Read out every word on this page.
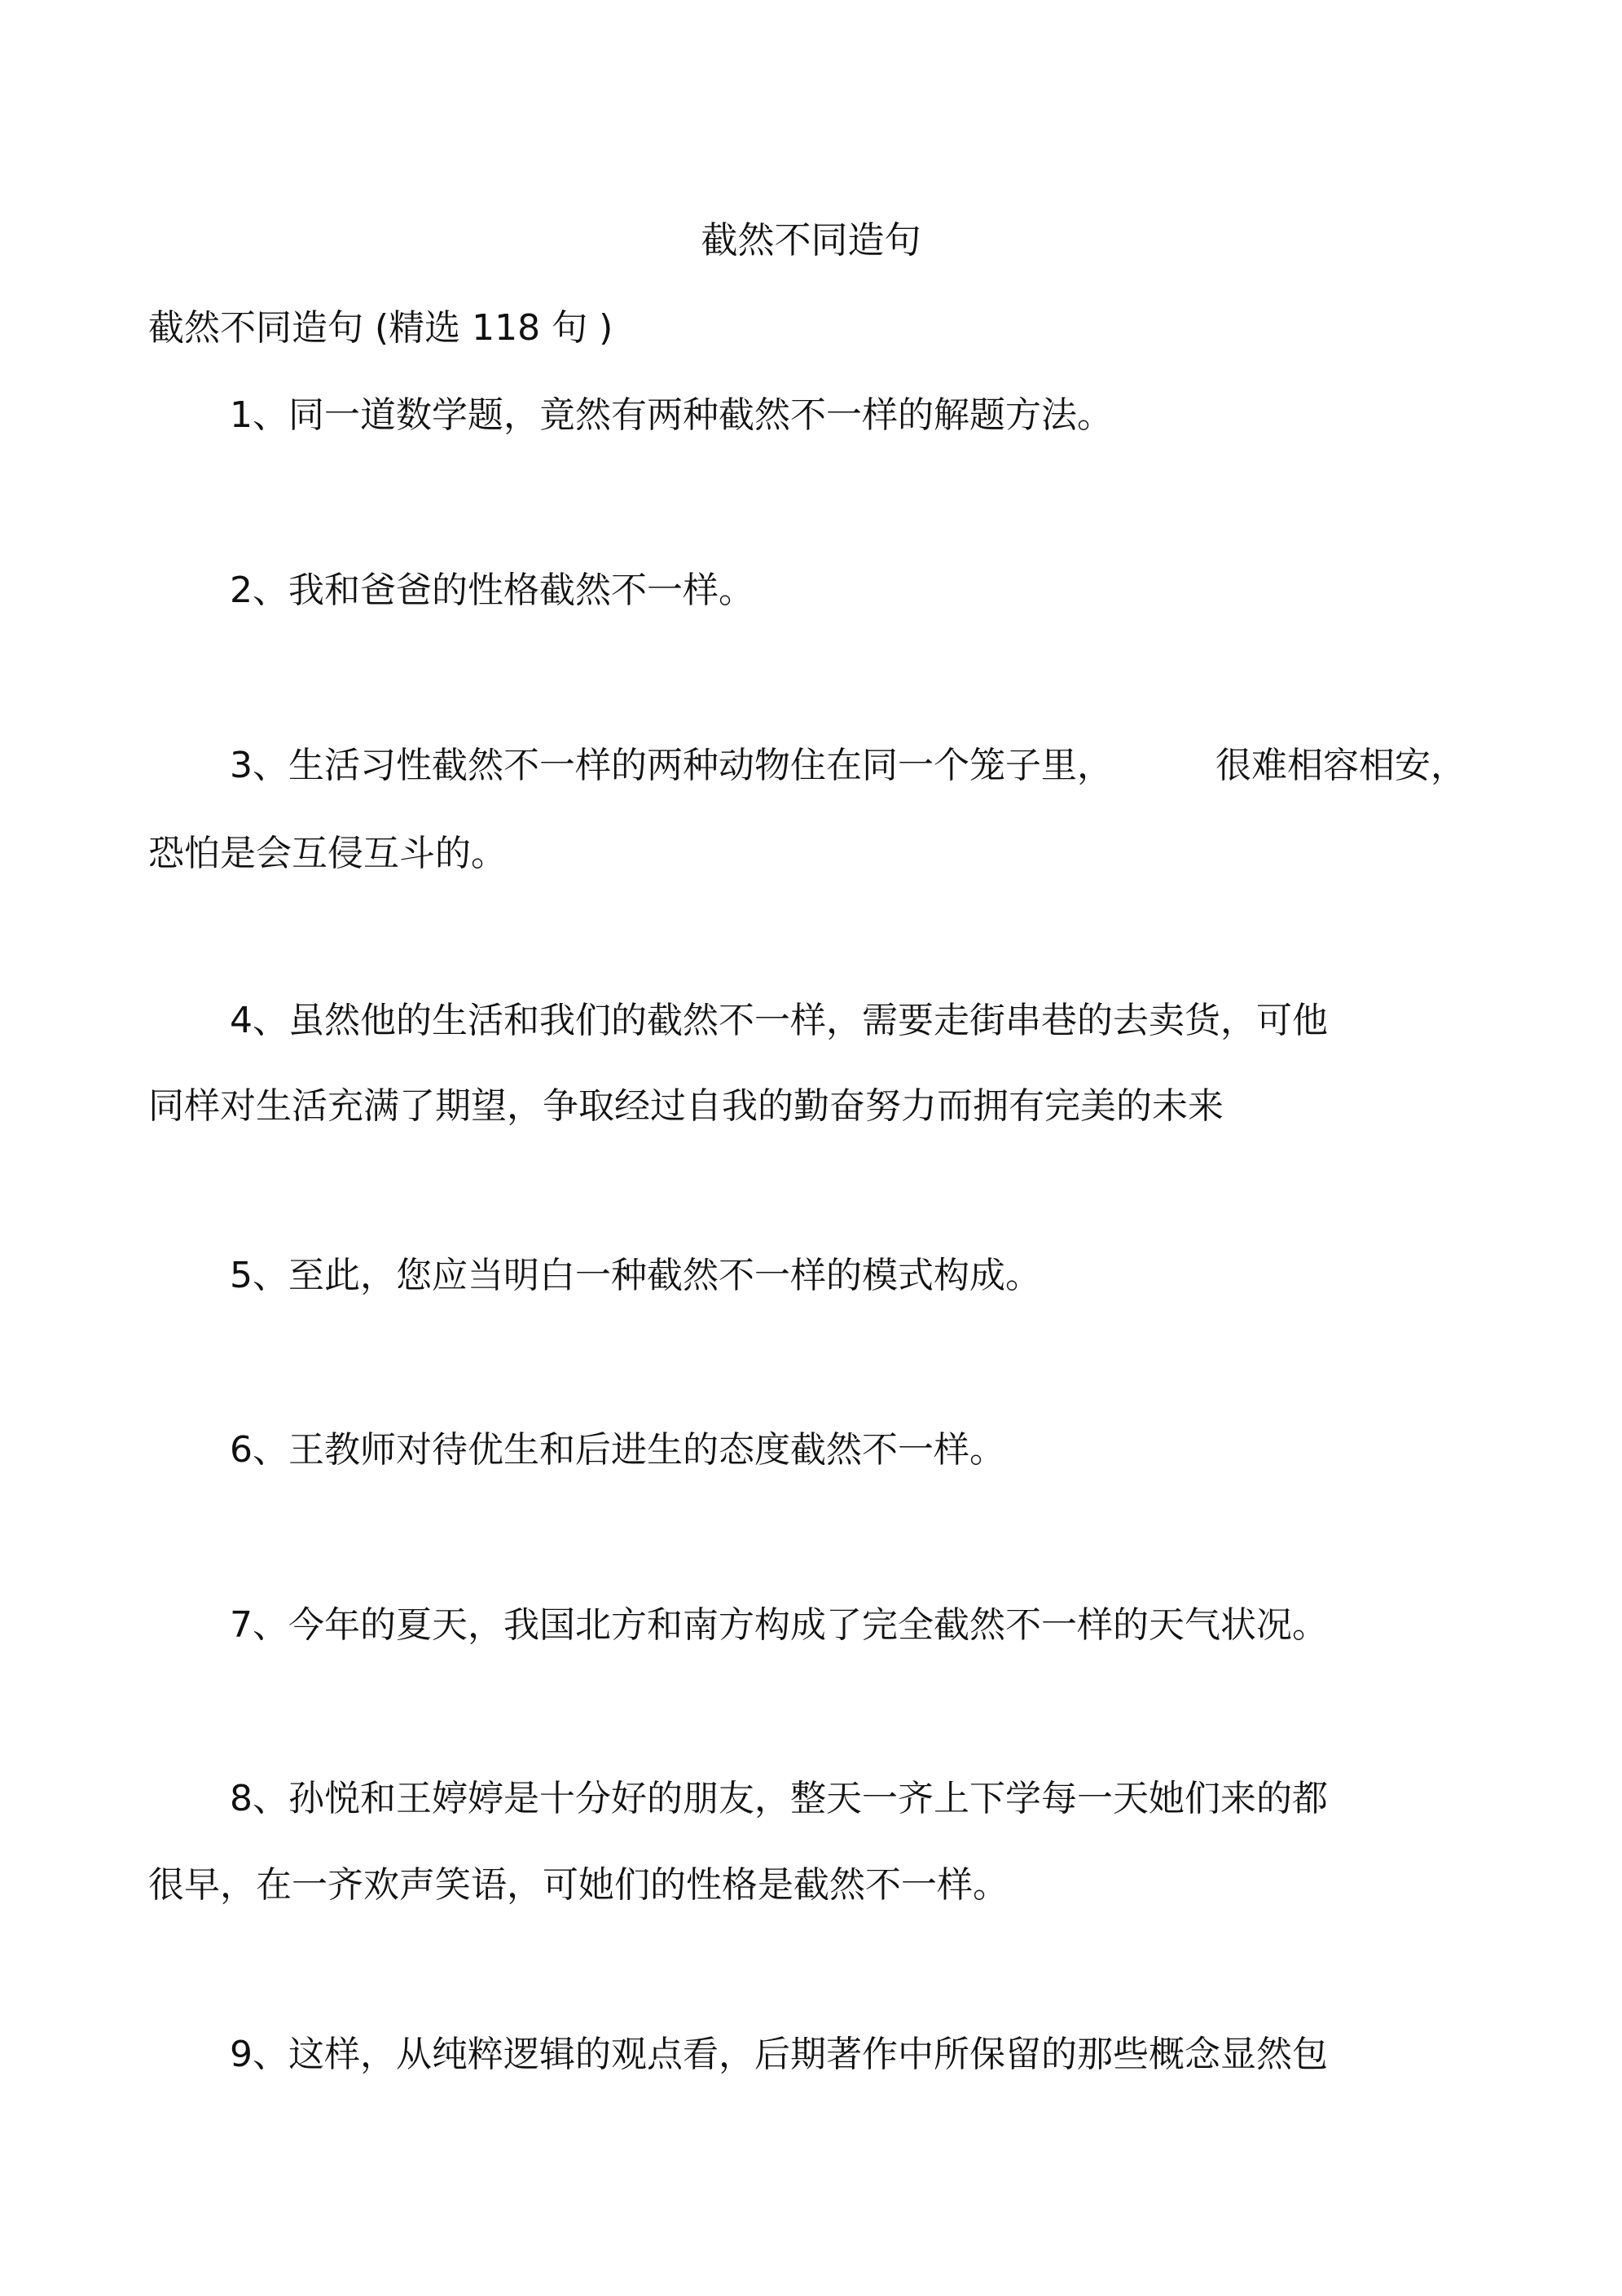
截然不同造句
截然不同造句 (精选 118 句 )
1、同一道数学题，竟然有两种截然不一样的解题方法。
2、我和爸爸的性格截然不一样。
3、生活习性截然不一样的两种动物住在同一个笼子里，	很难相容相安，
恐怕是会互侵互斗的。
4、虽然他的生活和我们的截然不一样，需要走街串巷的去卖货，可他
同样对生活充满了期望，争取经过自我的勤奋努力而拥有完美的未来
5、至此，您应当明白一种截然不一样的模式构成。
6、王教师对待优生和后进生的态度截然不一样。
7、今年的夏天，我国北方和南方构成了完全截然不一样的天气状况。
8、孙悦和王婷婷是十分好的朋友，整天一齐上下学每一天她们来的都
很早，在一齐欢声笑语，可她们的性格是截然不一样。
9、这样，从纯粹逻辑的观点看，后期著作中所保留的那些概念显然包
